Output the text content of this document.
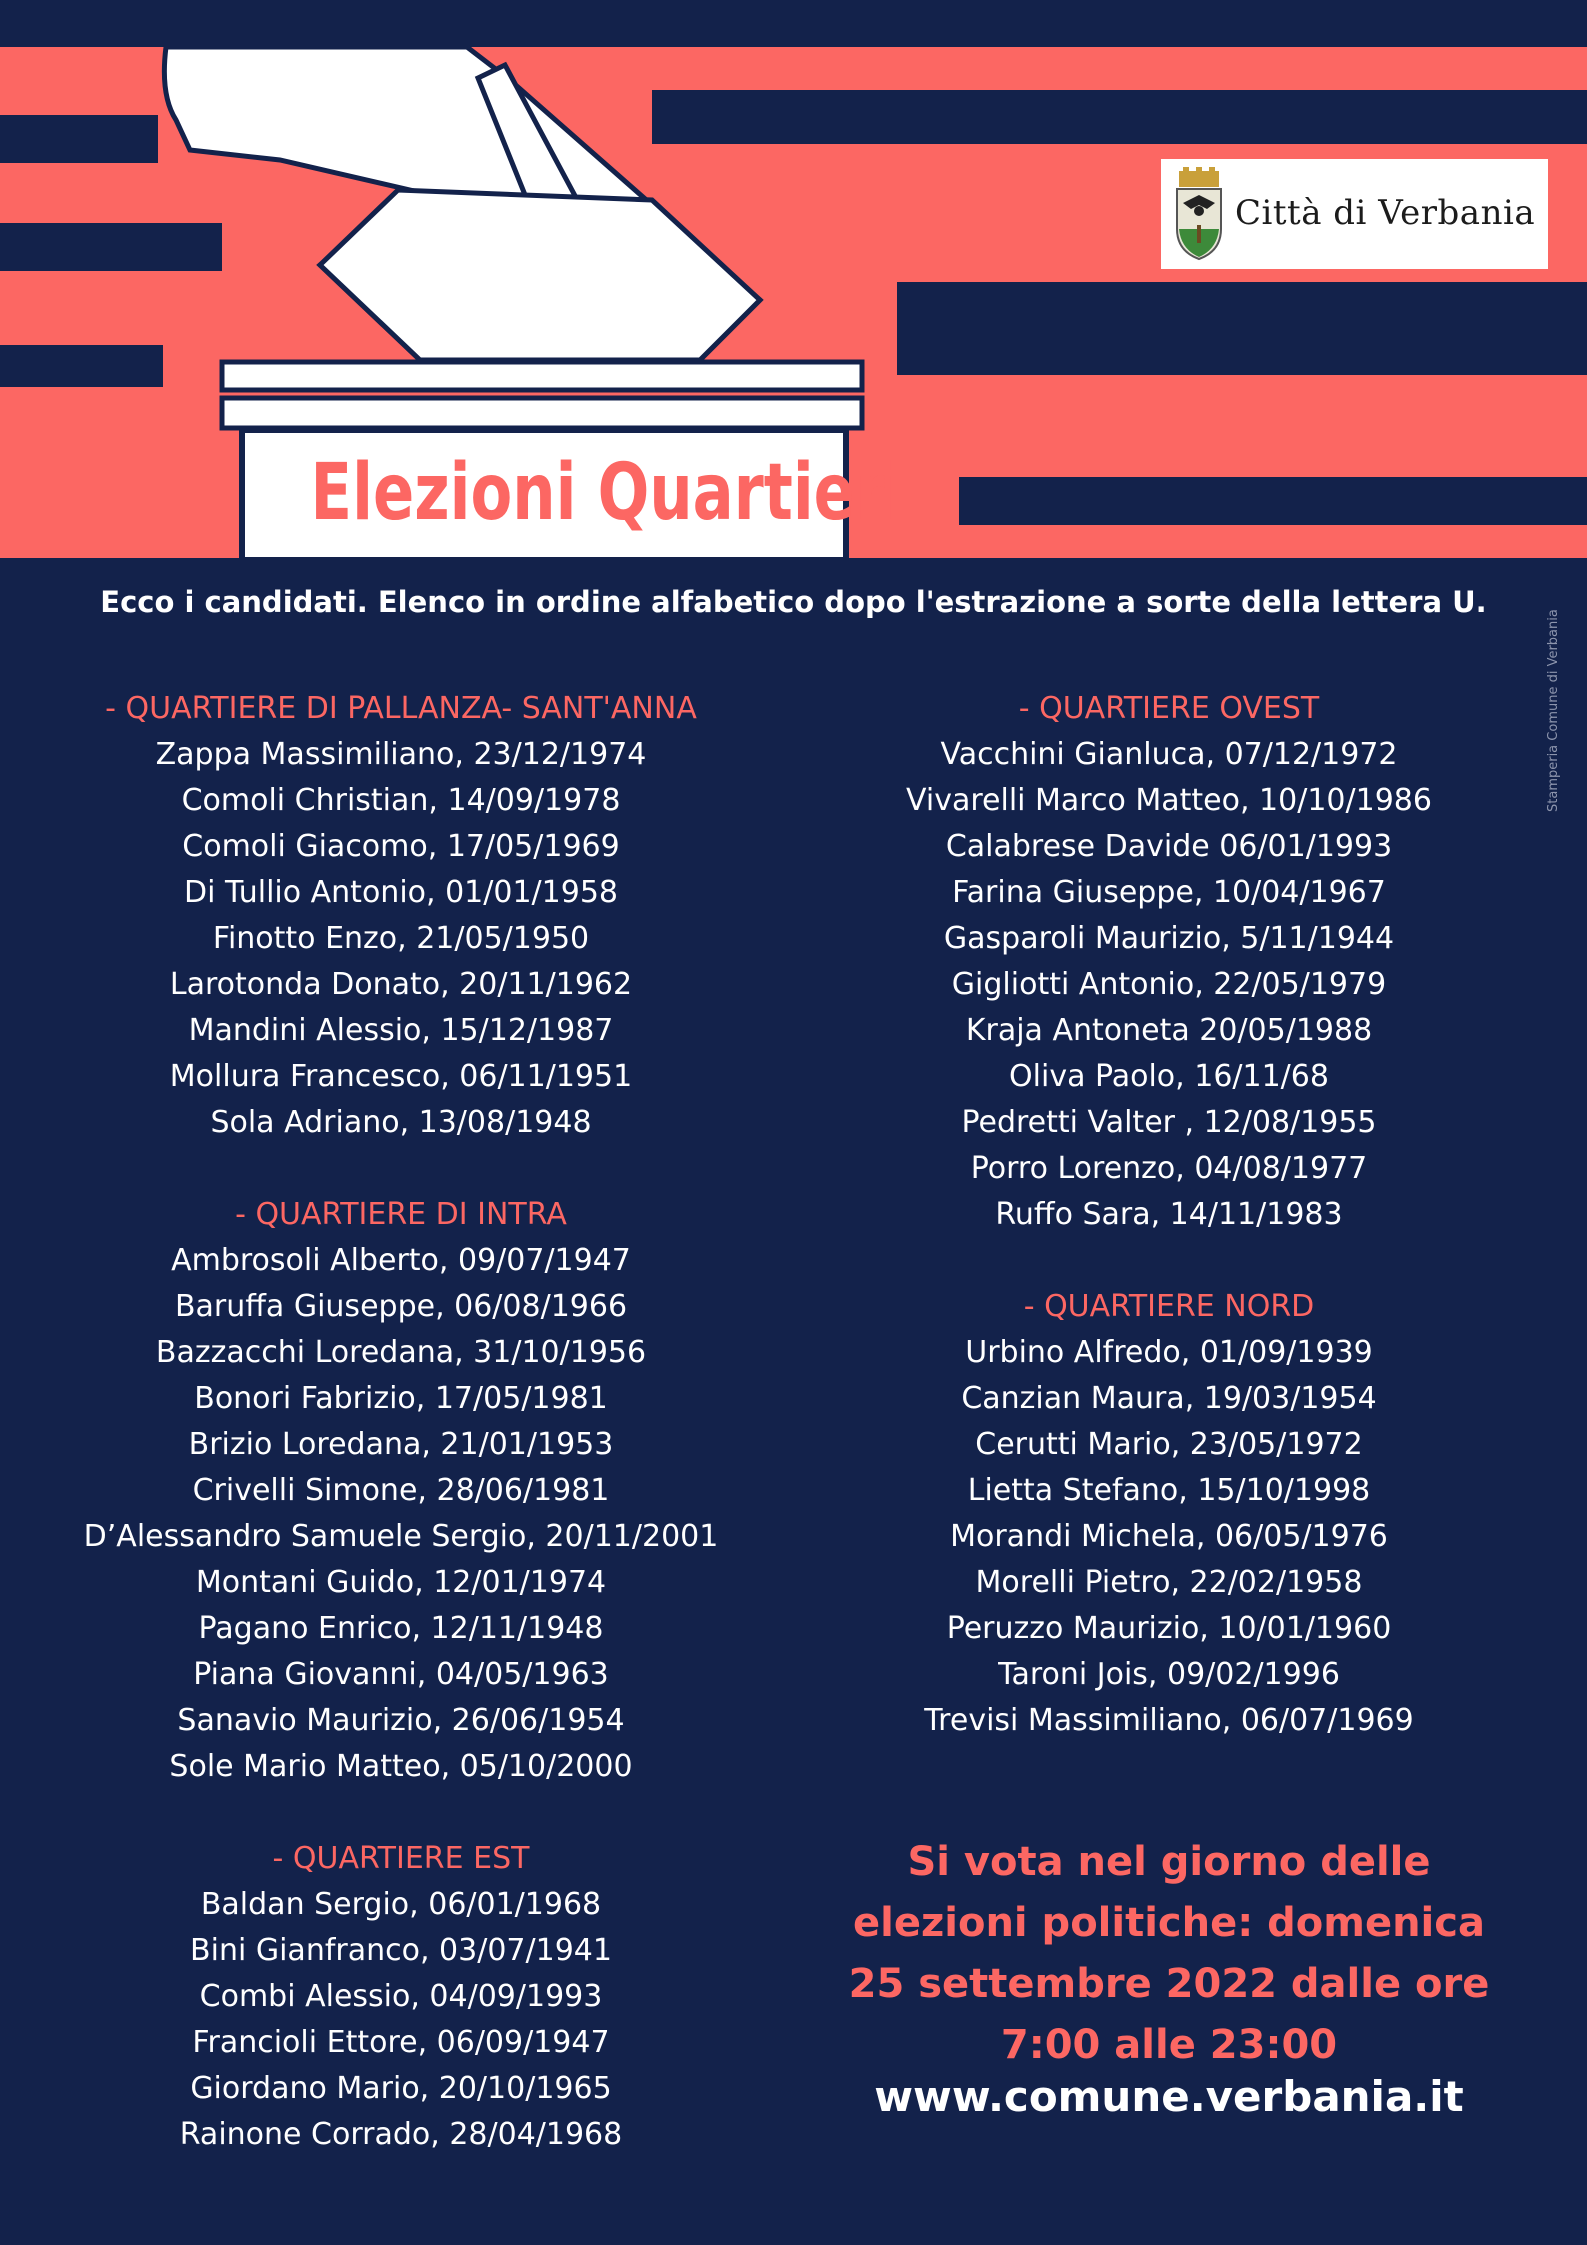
Città di Verbania
Elezioni Quartieri
Ecco i candidati. Elenco in ordine alfabetico dopo l'estrazione a sorte della lettera U.
Stamperia Comune di Verbania
- QUARTIERE DI PALLANZA- SANT'ANNA
Zappa Massimiliano, 23/12/1974
Comoli Christian, 14/09/1978
Comoli Giacomo, 17/05/1969
Di Tullio Antonio, 01/01/1958
Finotto Enzo, 21/05/1950
Larotonda Donato, 20/11/1962
Mandini Alessio, 15/12/1987
Mollura Francesco, 06/11/1951
Sola Adriano, 13/08/1948
- QUARTIERE DI INTRA
Ambrosoli Alberto, 09/07/1947
Baruffa Giuseppe, 06/08/1966
Bazzacchi Loredana, 31/10/1956
Bonori Fabrizio, 17/05/1981
Brizio Loredana, 21/01/1953
Crivelli Simone, 28/06/1981
D’Alessandro Samuele Sergio, 20/11/2001
Montani Guido, 12/01/1974
Pagano Enrico, 12/11/1948
Piana Giovanni, 04/05/1963
Sanavio Maurizio, 26/06/1954
Sole Mario Matteo, 05/10/2000
- QUARTIERE EST
Baldan Sergio, 06/01/1968
Bini Gianfranco, 03/07/1941
Combi Alessio, 04/09/1993
Francioli Ettore, 06/09/1947
Giordano Mario, 20/10/1965
Rainone Corrado, 28/04/1968
- QUARTIERE OVEST
Vacchini Gianluca, 07/12/1972
Vivarelli Marco Matteo, 10/10/1986
Calabrese Davide 06/01/1993
Farina Giuseppe, 10/04/1967
Gasparoli Maurizio, 5/11/1944
Gigliotti Antonio, 22/05/1979
Kraja Antoneta 20/05/1988
Oliva Paolo, 16/11/68
Pedretti Valter , 12/08/1955
Porro Lorenzo, 04/08/1977
Ruffo Sara, 14/11/1983
- QUARTIERE NORD
Urbino Alfredo, 01/09/1939
Canzian Maura, 19/03/1954
Cerutti Mario, 23/05/1972
Lietta Stefano, 15/10/1998
Morandi Michela, 06/05/1976
Morelli Pietro, 22/02/1958
Peruzzo Maurizio, 10/01/1960
Taroni Jois, 09/02/1996
Trevisi Massimiliano, 06/07/1969
Si vota nel giorno delle elezioni politiche: domenica 25 settembre 2022 dalle ore 7:00 alle 23:00
www.comune.verbania.it
